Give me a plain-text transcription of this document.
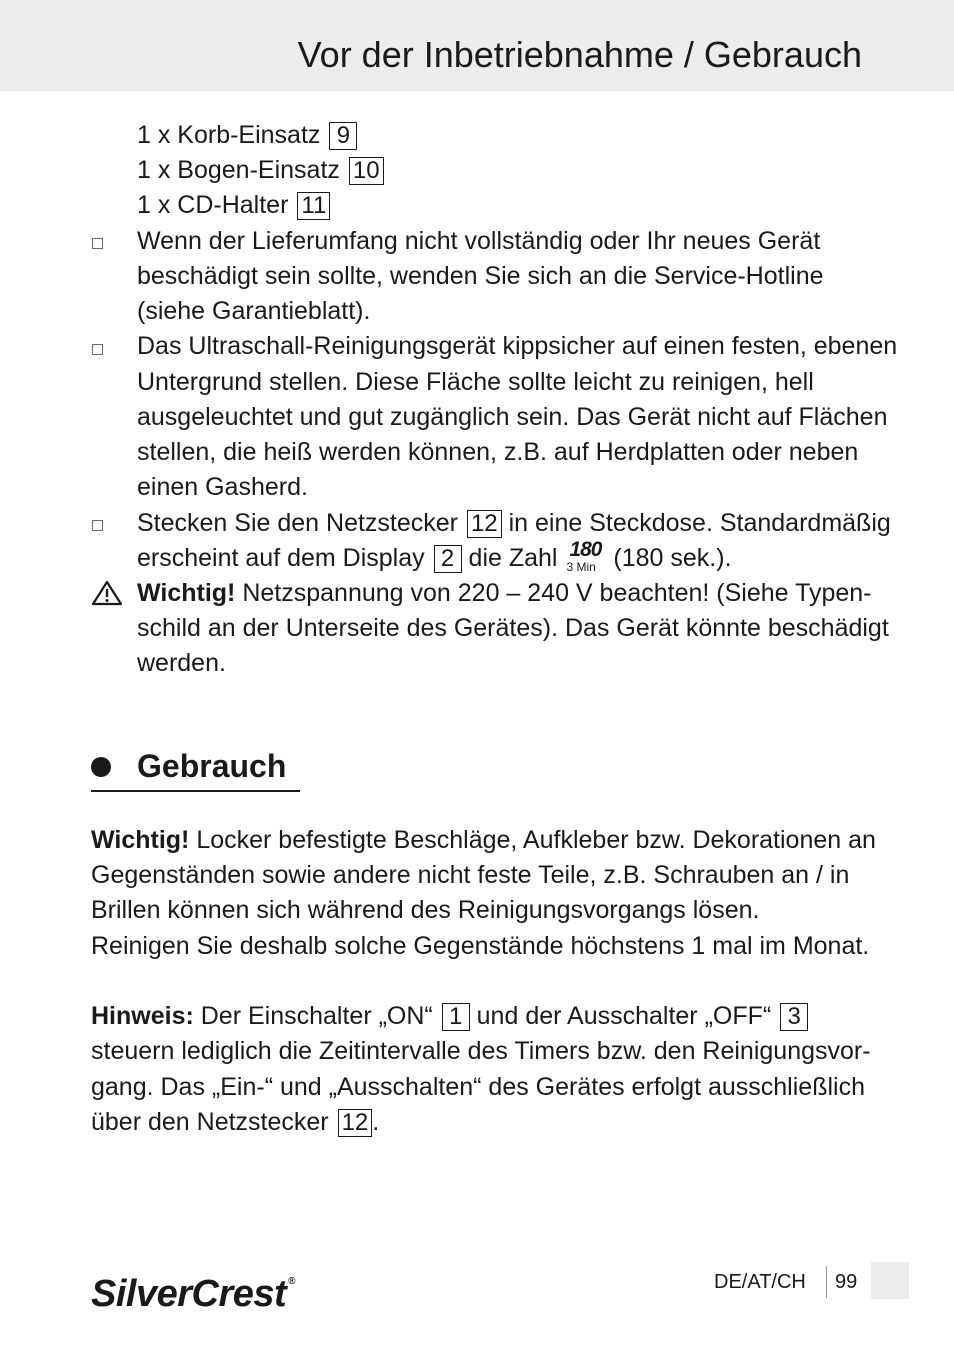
Vor der Inbetriebnahme / Gebrauch
1 x Korb-Einsatz 9
1 x Bogen-Einsatz 10
1 x CD-Halter 11
Wenn der Lieferumfang nicht vollständig oder Ihr neues Gerät
beschädigt sein sollte, wenden Sie sich an die Service-Hotline
(siehe Garantieblatt).
Das Ultraschall-Reinigungsgerät kippsicher auf einen festen, ebenen
Untergrund stellen. Diese Fläche sollte leicht zu reinigen, hell
ausgeleuchtet und gut zugänglich sein. Das Gerät nicht auf Flächen
stellen, die heiß werden können, z.B. auf Herdplatten oder neben
einen Gasherd.
Stecken Sie den Netzstecker 12 in eine Steckdose. Standardmäßig
erscheint auf dem Display 2 die Zahl 180
3 Min (180 sek.).
Wichtig! Netzspannung von 220 – 240 V beachten! (Siehe Typen-
schild an der Unterseite des Gerätes). Das Gerät könnte beschädigt
werden.
Gebrauch
Wichtig! Locker befestigte Beschläge, Aufkleber bzw. Dekorationen an
Gegenständen sowie andere nicht feste Teile, z.B. Schrauben an / in
Brillen können sich während des Reinigungsvorgangs lösen.
Reinigen Sie deshalb solche Gegenstände höchstens 1 mal im Monat.
Hinweis: Der Einschalter „ON“ 1 und der Ausschalter „OFF“ 3
steuern lediglich die Zeitintervalle des Timers bzw. den Reinigungsvor-
gang. Das „Ein-“ und „Ausschalten“ des Gerätes erfolgt ausschließlich
über den Netzstecker 12 .
SilverCrest ®	DE/AT/CH 99
